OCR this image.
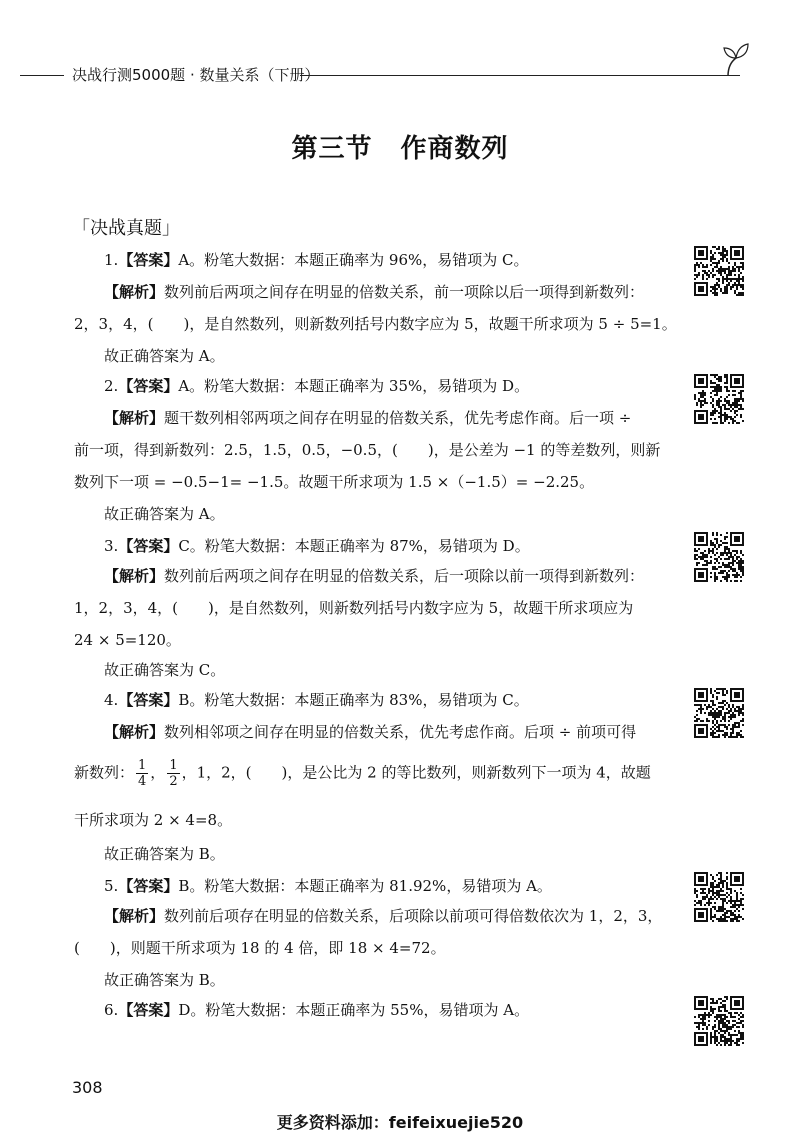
决战行测5000题 · 数量关系（下册）
第三节 作商数列
「决战真题」
1.【答案】A。粉笔大数据：本题正确率为 96%，易错项为 C。
【解析】数列前后两项之间存在明显的倍数关系，前一项除以后一项得到新数列：
2，3，4，(　　)，是自然数列，则新数列括号内数字应为 5，故题干所求项为 5 ÷ 5=1。
故正确答案为 A。
2.【答案】A。粉笔大数据：本题正确率为 35%，易错项为 D。
【解析】题干数列相邻两项之间存在明显的倍数关系，优先考虑作商。后一项 ÷
前一项，得到新数列：2.5，1.5，0.5，−0.5，(　　)，是公差为 −1 的等差数列，则新
数列下一项 = −0.5−1= −1.5。故题干所求项为 1.5 ×（−1.5）= −2.25。
故正确答案为 A。
3.【答案】C。粉笔大数据：本题正确率为 87%，易错项为 D。
【解析】数列前后两项之间存在明显的倍数关系，后一项除以前一项得到新数列：
1，2，3，4，(　　)，是自然数列，则新数列括号内数字应为 5，故题干所求项应为
24 × 5=120。
故正确答案为 C。
4.【答案】B。粉笔大数据：本题正确率为 83%，易错项为 C。
【解析】数列相邻项之间存在明显的倍数关系，优先考虑作商。后项 ÷ 前项可得
新数列： $\frac{1}{4}$ ， $\frac{1}{2}$ ，1，2，(　　)，是公比为 2 的等比数列，则新数列下一项为 4，故题
干所求项为 2 × 4=8。
故正确答案为 B。
5.【答案】B。粉笔大数据：本题正确率为 81.92%，易错项为 A。
【解析】数列前后项存在明显的倍数关系，后项除以前项可得倍数依次为 1，2，3，
(　　)，则题干所求项为 18 的 4 倍，即 18 × 4=72。
故正确答案为 B。
6.【答案】D。粉笔大数据：本题正确率为 55%，易错项为 A。
308
更多资料添加：feifeixuejie520
